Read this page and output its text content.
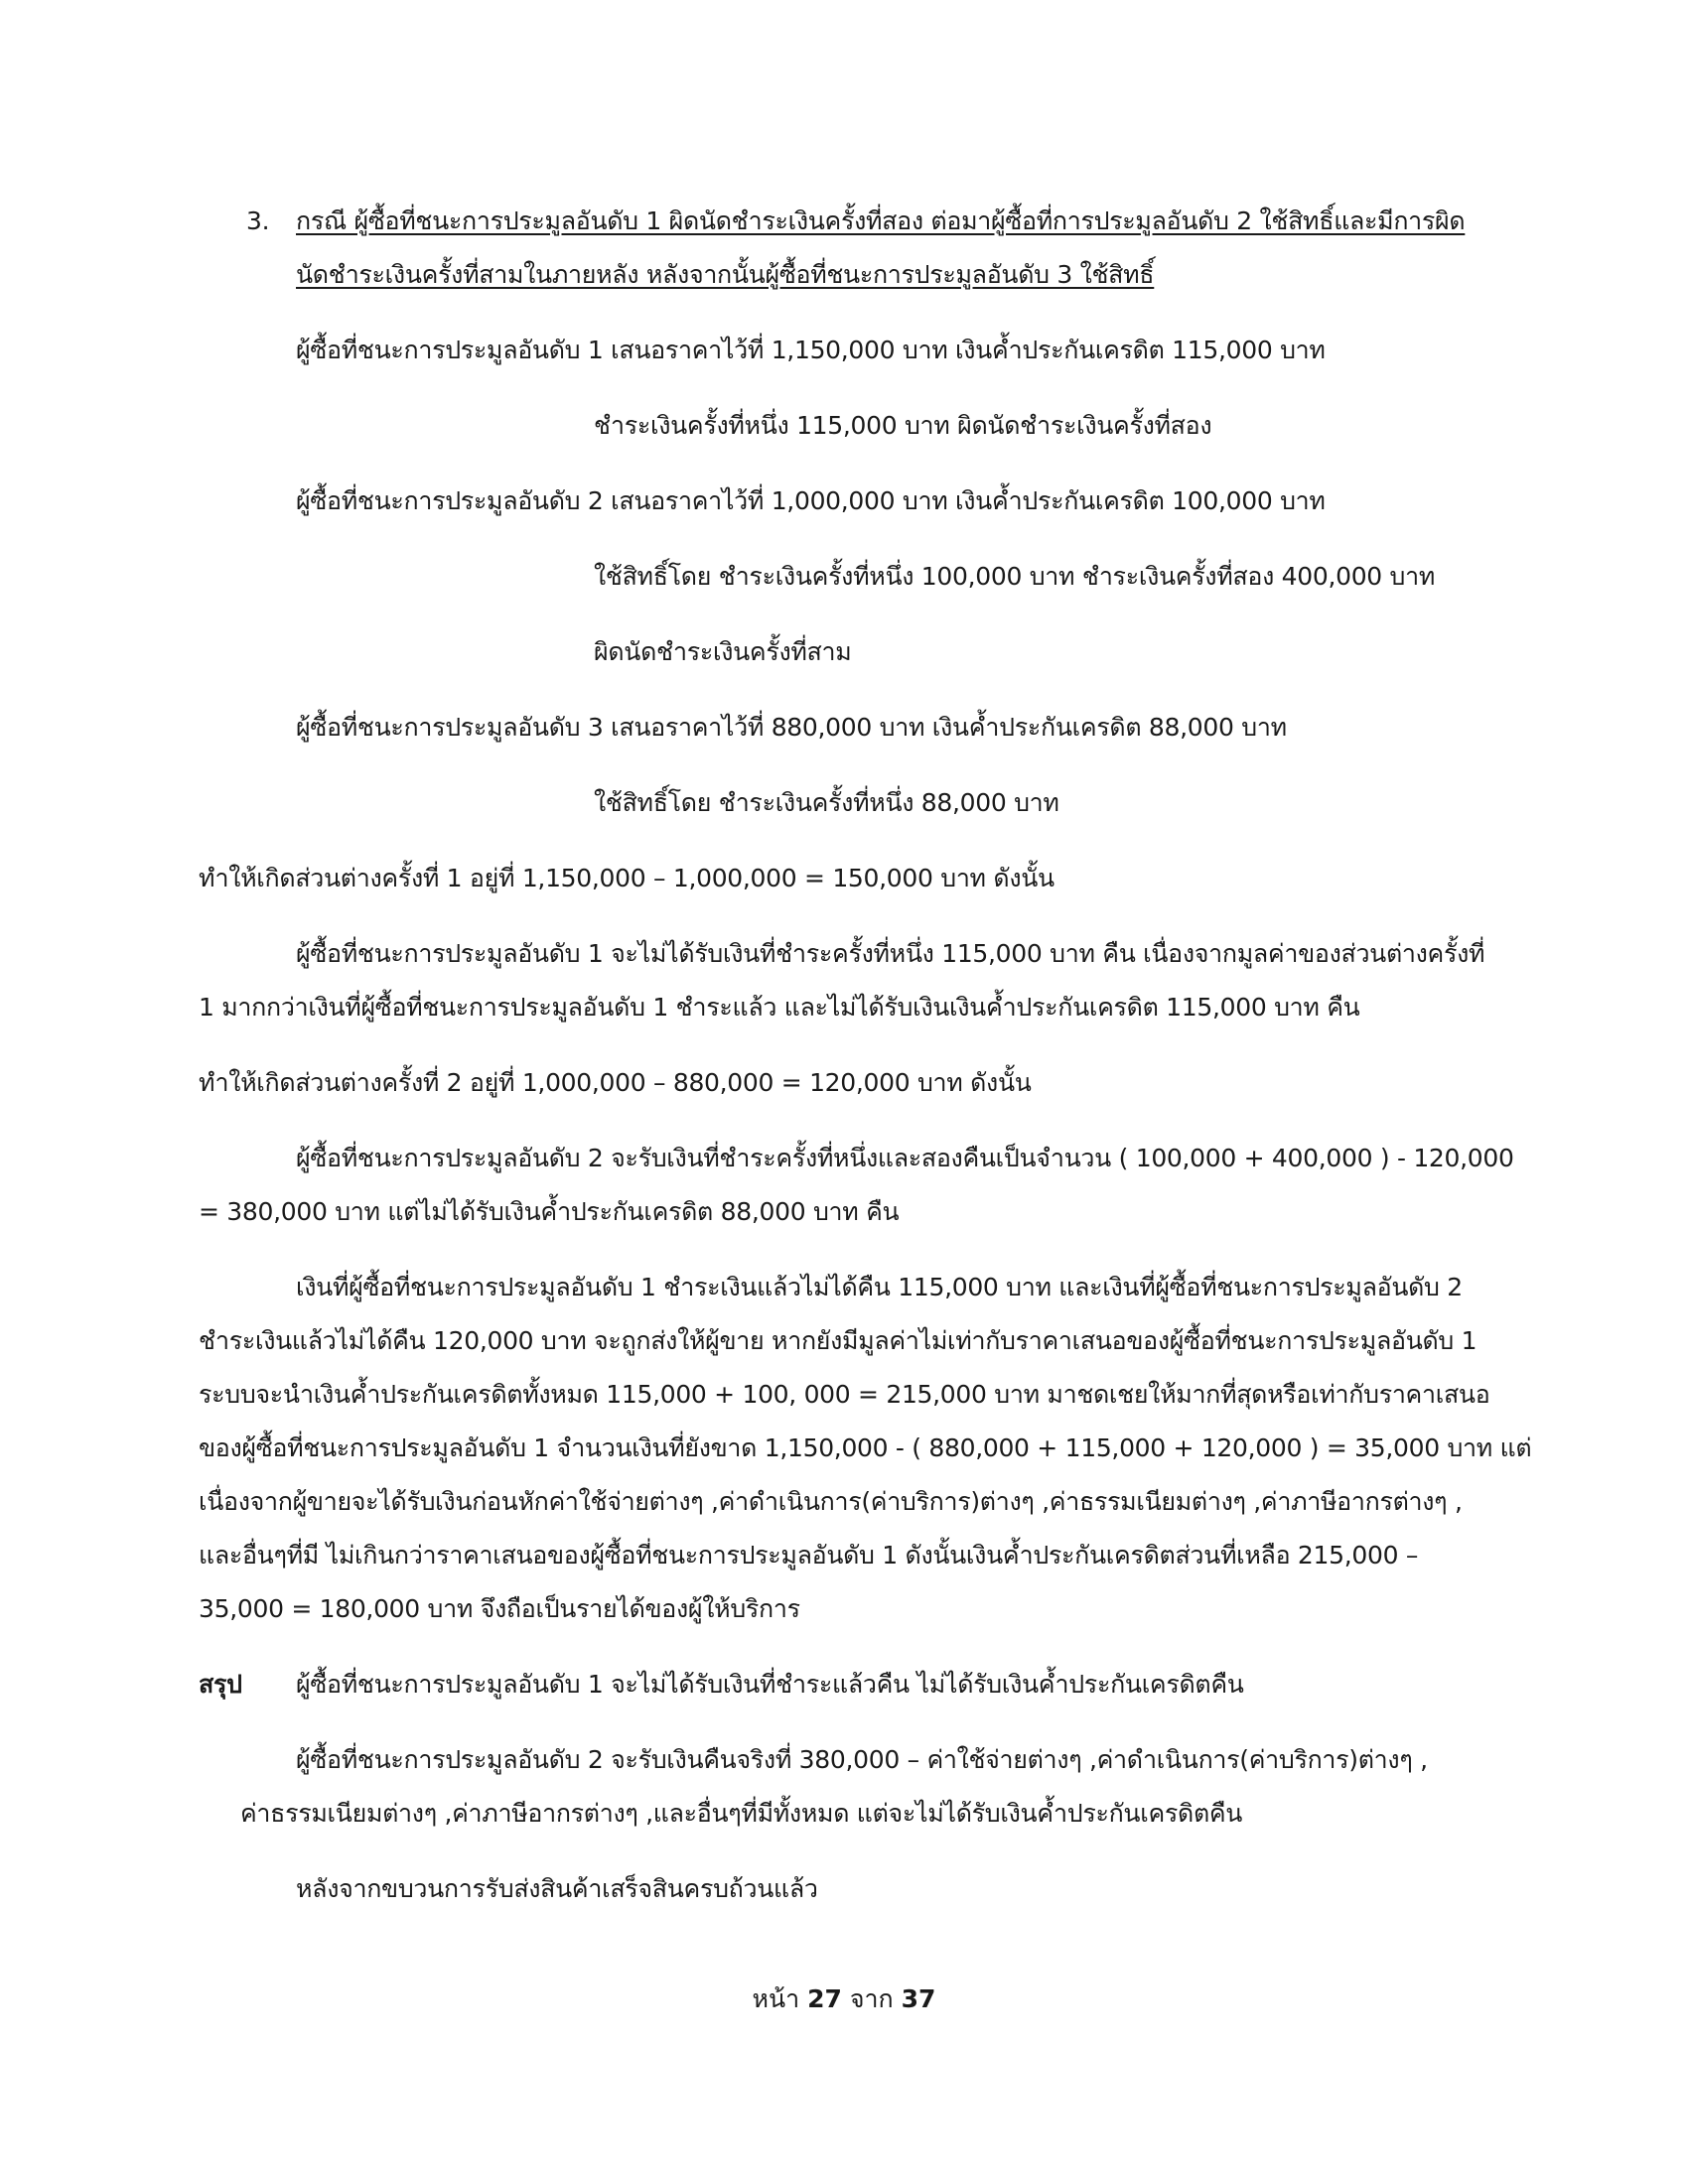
3. กรณี ผู้ซื้อที่ชนะการประมูลอันดับ 1 ผิดนัดชำระเงินครั้งที่สอง ต่อมาผู้ซื้อที่การประมูลอันดับ 2 ใช้สิทธิ์และมีการผิด
นัดชำระเงินครั้งที่สามในภายหลัง หลังจากนั้นผู้ซื้อที่ชนะการประมูลอันดับ 3 ใช้สิทธิ์
ผู้ซื้อที่ชนะการประมูลอันดับ 1 เสนอราคาไว้ที่ 1,150,000 บาท เงินค้ำประกันเครดิต 115,000 บาท
ชำระเงินครั้งที่หนึ่ง 115,000 บาท ผิดนัดชำระเงินครั้งที่สอง
ผู้ซื้อที่ชนะการประมูลอันดับ 2 เสนอราคาไว้ที่ 1,000,000 บาท เงินค้ำประกันเครดิต 100,000 บาท
ใช้สิทธิ์โดย ชำระเงินครั้งที่หนึ่ง 100,000 บาท ชำระเงินครั้งที่สอง 400,000 บาท
ผิดนัดชำระเงินครั้งที่สาม
ผู้ซื้อที่ชนะการประมูลอันดับ 3 เสนอราคาไว้ที่ 880,000 บาท เงินค้ำประกันเครดิต 88,000 บาท
ใช้สิทธิ์โดย ชำระเงินครั้งที่หนึ่ง 88,000 บาท
ทำให้เกิดส่วนต่างครั้งที่ 1 อยู่ที่ 1,150,000 – 1,000,000 = 150,000 บาท ดังนั้น
ผู้ซื้อที่ชนะการประมูลอันดับ 1 จะไม่ได้รับเงินที่ชำระครั้งที่หนึ่ง 115,000 บาท คืน เนื่องจากมูลค่าของส่วนต่างครั้งที่
1 มากกว่าเงินที่ผู้ซื้อที่ชนะการประมูลอันดับ 1 ชำระแล้ว และไม่ได้รับเงินเงินค้ำประกันเครดิต 115,000 บาท คืน
ทำให้เกิดส่วนต่างครั้งที่ 2 อยู่ที่ 1,000,000 – 880,000 = 120,000 บาท ดังนั้น
ผู้ซื้อที่ชนะการประมูลอันดับ 2 จะรับเงินที่ชำระครั้งที่หนึ่งและสองคืนเป็นจำนวน ( 100,000 + 400,000 ) - 120,000
= 380,000 บาท แต่ไม่ได้รับเงินค้ำประกันเครดิต 88,000 บาท คืน
เงินที่ผู้ซื้อที่ชนะการประมูลอันดับ 1 ชำระเงินแล้วไม่ได้คืน 115,000 บาท และเงินที่ผู้ซื้อที่ชนะการประมูลอันดับ 2
ชำระเงินแล้วไม่ได้คืน 120,000 บาท จะถูกส่งให้ผู้ขาย หากยังมีมูลค่าไม่เท่ากับราคาเสนอของผู้ซื้อที่ชนะการประมูลอันดับ 1
ระบบจะนำเงินค้ำประกันเครดิตทั้งหมด 115,000 + 100, 000 = 215,000 บาท มาชดเชยให้มากที่สุดหรือเท่ากับราคาเสนอ
ของผู้ซื้อที่ชนะการประมูลอันดับ 1 จำนวนเงินที่ยังขาด 1,150,000 - ( 880,000 + 115,000 + 120,000 ) = 35,000 บาท แต่
เนื่องจากผู้ขายจะได้รับเงินก่อนหักค่าใช้จ่ายต่างๆ ,ค่าดำเนินการ(ค่าบริการ)ต่างๆ ,ค่าธรรมเนียมต่างๆ ,ค่าภาษีอากรต่างๆ ,
และอื่นๆที่มี ไม่เกินกว่าราคาเสนอของผู้ซื้อที่ชนะการประมูลอันดับ 1 ดังนั้นเงินค้ำประกันเครดิตส่วนที่เหลือ 215,000 –
35,000 = 180,000 บาท จึงถือเป็นรายได้ของผู้ให้บริการ
สรุป ผู้ซื้อที่ชนะการประมูลอันดับ 1 จะไม่ได้รับเงินที่ชำระแล้วคืน ไม่ได้รับเงินค้ำประกันเครดิตคืน
ผู้ซื้อที่ชนะการประมูลอันดับ 2 จะรับเงินคืนจริงที่ 380,000 – ค่าใช้จ่ายต่างๆ ,ค่าดำเนินการ(ค่าบริการ)ต่างๆ ,
ค่าธรรมเนียมต่างๆ ,ค่าภาษีอากรต่างๆ ,และอื่นๆที่มีทั้งหมด แต่จะไม่ได้รับเงินค้ำประกันเครดิตคืน
หลังจากขบวนการรับส่งสินค้าเสร็จสินครบถ้วนแล้ว
หน้า 27 จาก 37
